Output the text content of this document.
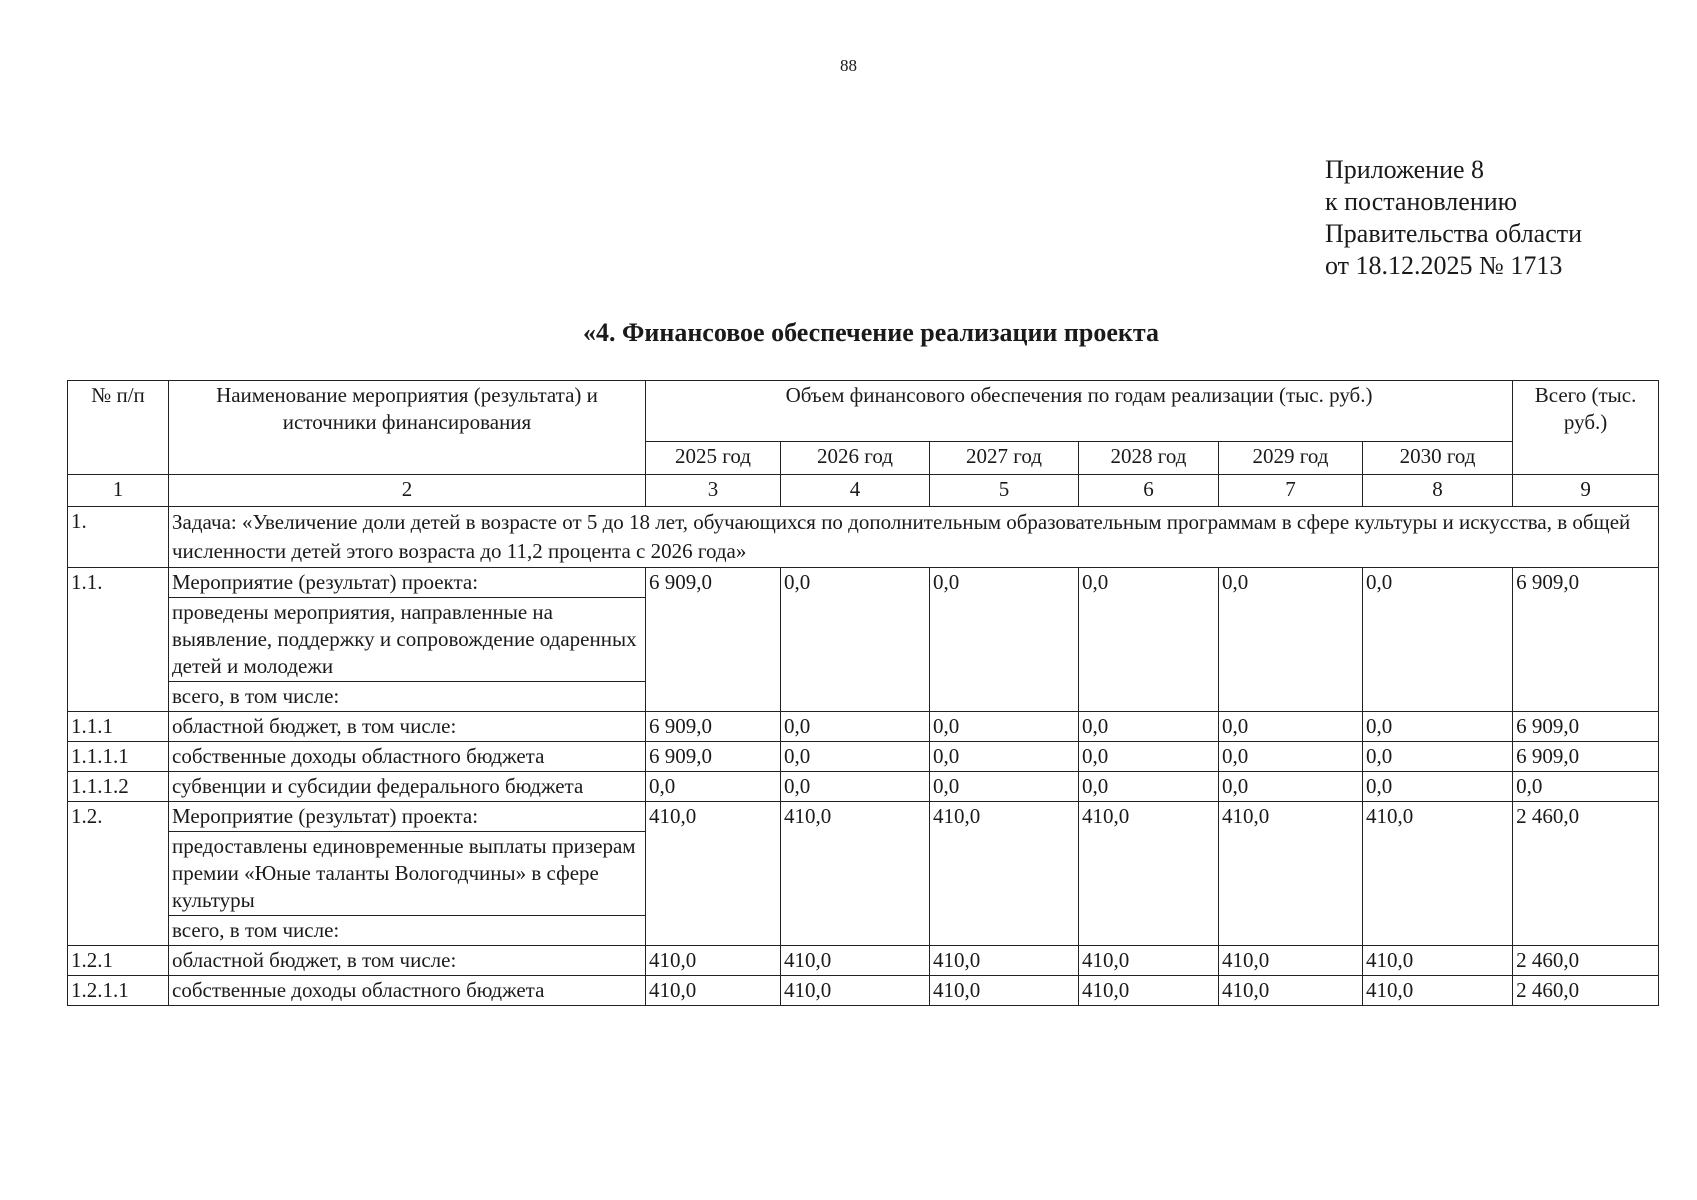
88
Приложение 8
к постановлению
Правительства области
от 18.12.2025 № 1713
«4. Финансовое обеспечение реализации проекта
№ п/п	Наименование мероприятия (результата) и источники финансирования	Объем финансового обеспечения по годам реализации (тыс. руб.)						Всего (тыс. руб.)
		2025 год	2026 год	2027 год	2028 год	2029 год	2030 год	
1	2	3	4	5	6	7	8	9
1.	Задача: «Увеличение доли детей в возрасте от 5 до 18 лет, обучающихся по дополнительным образовательным программам в сфере культуры и искусства, в общей численности детей этого возраста до 11,2 процента с 2026 года»							
1.1.	Мероприятие (результат) проекта:	6 909,0	0,0	0,0	0,0	0,0	0,0	6 909,0
	проведены мероприятия, направленные на выявление, поддержку и сопровождение одаренных детей и молодежи							
	всего, в том числе:							
1.1.1	областной бюджет, в том числе:	6 909,0	0,0	0,0	0,0	0,0	0,0	6 909,0
1.1.1.1	собственные доходы областного бюджета	6 909,0	0,0	0,0	0,0	0,0	0,0	6 909,0
1.1.1.2	субвенции и субсидии федерального бюджета	0,0	0,0	0,0	0,0	0,0	0,0	0,0
1.2.	Мероприятие (результат) проекта:	410,0	410,0	410,0	410,0	410,0	410,0	2 460,0
	предоставлены единовременные выплаты призерам премии «Юные таланты Вологодчины» в сфере культуры							
	всего, в том числе:							
1.2.1	областной бюджет, в том числе:	410,0	410,0	410,0	410,0	410,0	410,0	2 460,0
1.2.1.1	собственные доходы областного бюджета	410,0	410,0	410,0	410,0	410,0	410,0	2 460,0
